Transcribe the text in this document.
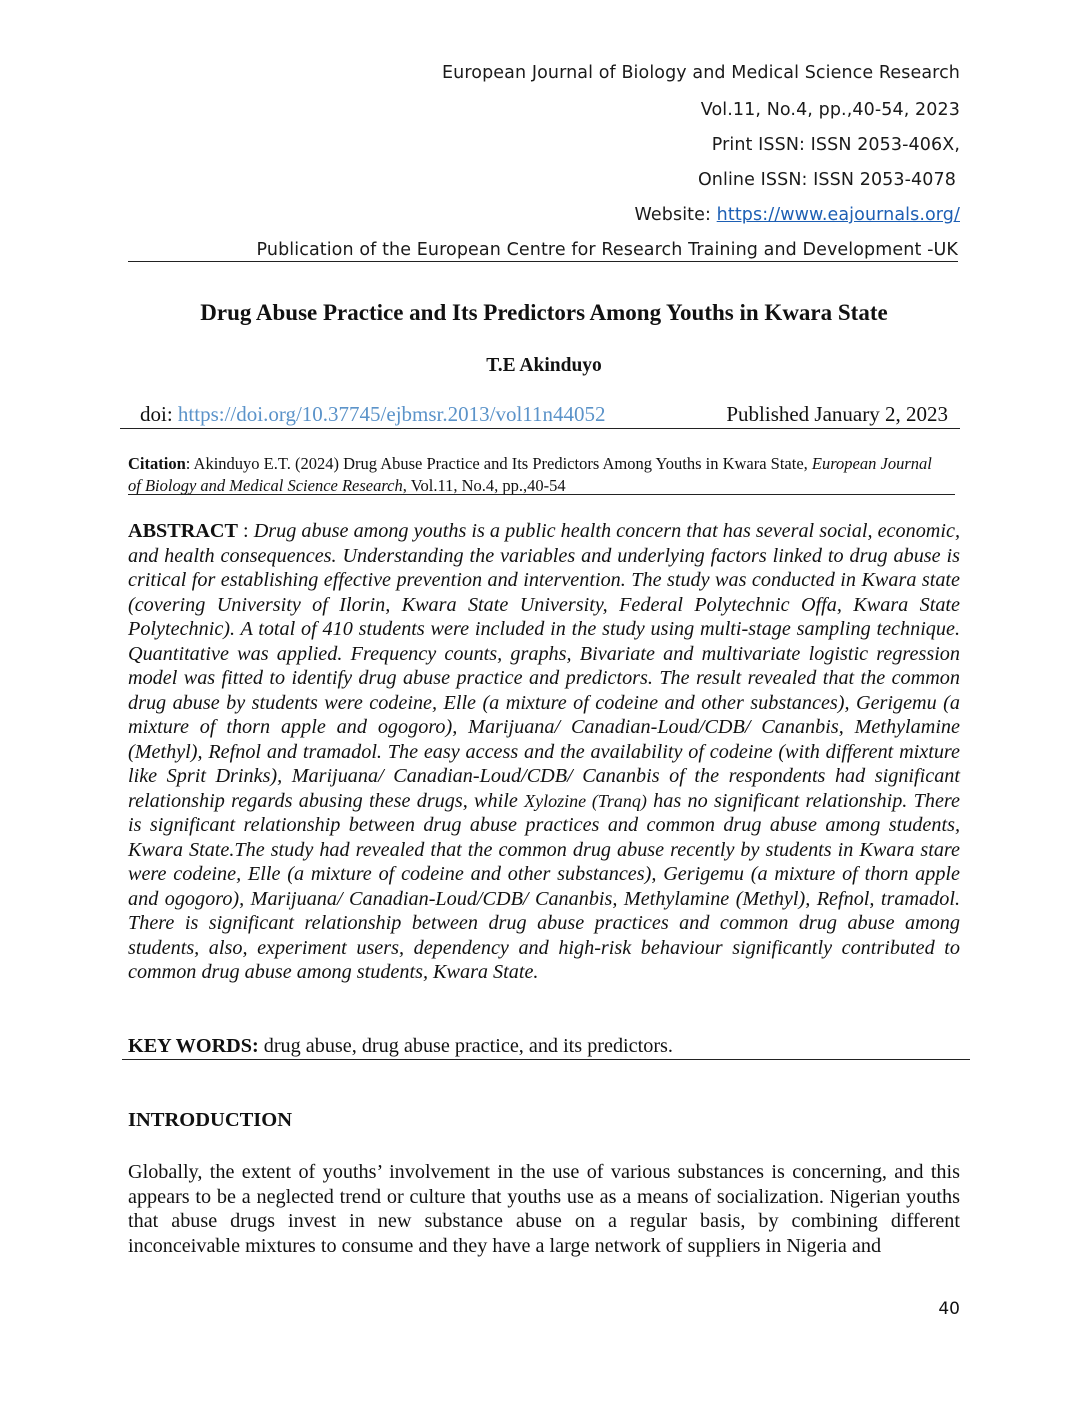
European Journal of Biology and Medical Science Research
Vol.11, No.4, pp.,40-54, 2023
Print ISSN: ISSN 2053-406X,
Online ISSN: ISSN 2053-4078
Website: https://www.eajournals.org/
Publication of the European Centre for Research Training and Development -UK
Drug Abuse Practice and Its Predictors Among Youths in Kwara State
T.E Akinduyo
doi: https://doi.org/10.37745/ejbmsr.2013/vol11n44052	Published January 2, 2023
Citation: Akinduyo E.T. (2024) Drug Abuse Practice and Its Predictors Among Youths in Kwara State, European Journal of Biology and Medical Science Research, Vol.11, No.4, pp.,40-54

ABSTRACT : Drug abuse among youths is a public health concern that has several social, economic, and health consequences. Understanding the variables and underlying factors linked to drug abuse is critical for establishing effective prevention and intervention. The study was conducted in Kwara state (covering University of Ilorin, Kwara State University, Federal Polytechnic Offa, Kwara State Polytechnic). A total of 410 students were included in the study using multi-stage sampling technique. Quantitative was applied. Frequency counts, graphs, Bivariate and multivariate logistic regression model was fitted to identify drug abuse practice and predictors. The result revealed that the common drug abuse by students were codeine, Elle (a mixture of codeine and other substances), Gerigemu (a mixture of thorn apple and ogogoro), Marijuana/ Canadian-Loud/CDB/ Cananbis, Methylamine (Methyl), Refnol and tramadol. The easy access and the availability of codeine (with different mixture like Sprit Drinks), Marijuana/ Canadian-Loud/CDB/ Cananbis of the respondents had significant relationship regards abusing these drugs, while Xylozine (Tranq) has no significant relationship. There is significant relationship between drug abuse practices and common drug abuse among students, Kwara State.The study had revealed that the common drug abuse recently by students in Kwara stare were codeine, Elle (a mixture of codeine and other substances), Gerigemu (a mixture of thorn apple and ogogoro), Marijuana/ Canadian-Loud/CDB/ Cananbis, Methylamine (Methyl), Refnol, tramadol. There is significant relationship between drug abuse practices and common drug abuse among students, also, experiment users, dependency and high-risk behaviour significantly contributed to common drug abuse among students, Kwara State.

KEY WORDS: drug abuse, drug abuse practice, and its predictors.
INTRODUCTION

Globally, the extent of youths’ involvement in the use of various substances is concerning, and this appears to be a neglected trend or culture that youths use as a means of socialization. Nigerian youths that abuse drugs invest in new substance abuse on a regular basis, by combining different inconceivable mixtures to consume and they have a large network of suppliers in Nigeria and

40
